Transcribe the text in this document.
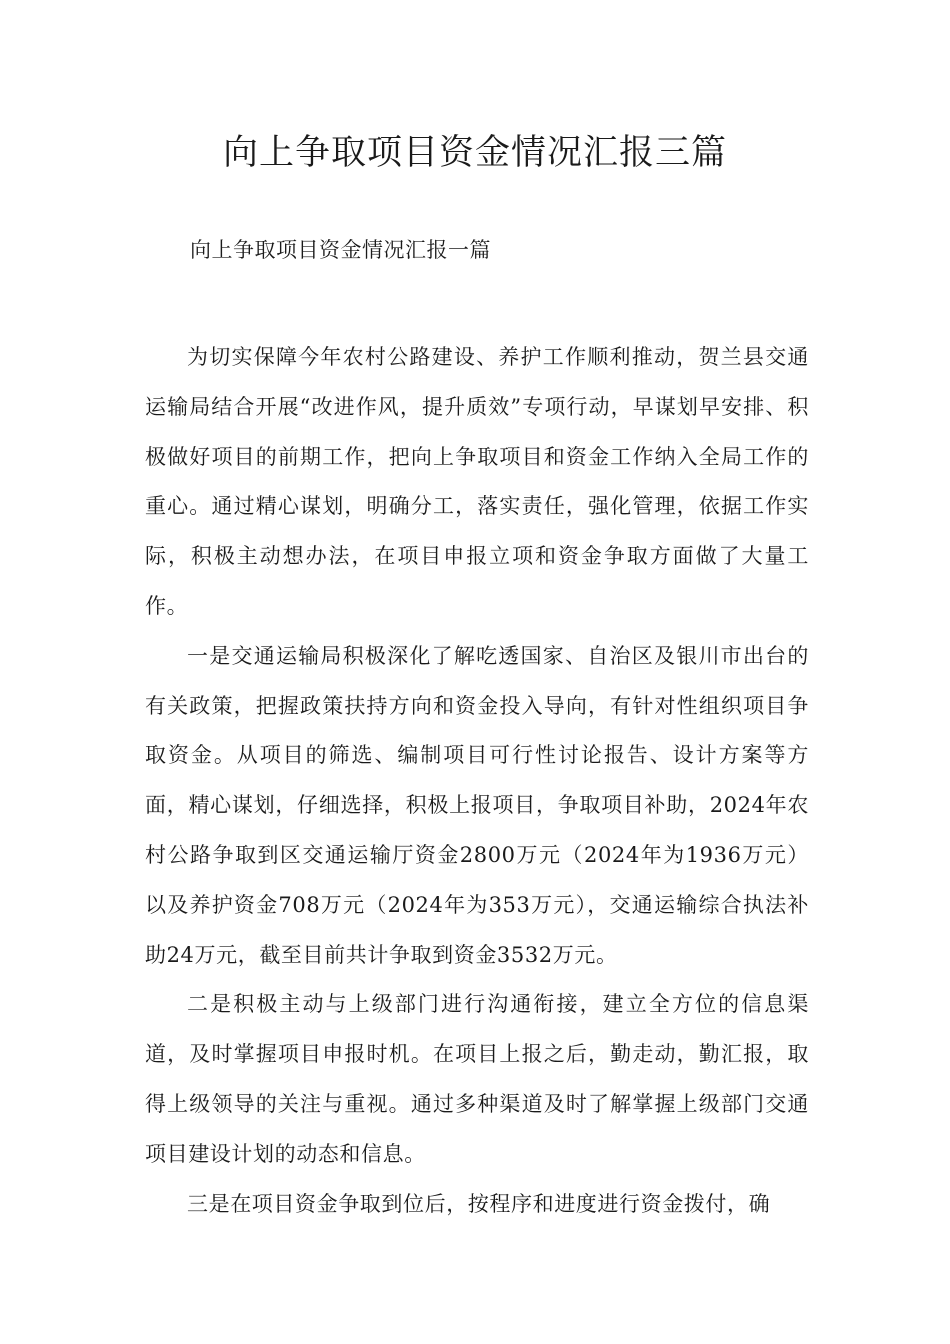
向上争取项目资金情况汇报三篇

向上争取项目资金情况汇报一篇

为切实保障今年农村公路建设、养护工作顺利推动，贺兰县交通运输局结合开展“改进作风，提升质效”专项行动，早谋划早安排、积极做好项目的前期工作，把向上争取项目和资金工作纳入全局工作的重心。通过精心谋划，明确分工，落实责任，强化管理，依据工作实际，积极主动想办法，在项目申报立项和资金争取方面做了大量工作。

一是交通运输局积极深化了解吃透国家、自治区及银川市出台的有关政策，把握政策扶持方向和资金投入导向，有针对性组织项目争取资金。从项目的筛选、编制项目可行性讨论报告、设计方案等方面，精心谋划，仔细选择，积极上报项目，争取项目补助，2024年农村公路争取到区交通运输厅资金2800万元（2024年为1936万元）以及养护资金708万元（2024年为353万元），交通运输综合执法补助24万元，截至目前共计争取到资金3532万元。

二是积极主动与上级部门进行沟通衔接，建立全方位的信息渠道，及时掌握项目申报时机。在项目上报之后，勤走动，勤汇报，取得上级领导的关注与重视。通过多种渠道及时了解掌握上级部门交通项目建设计划的动态和信息。

三是在项目资金争取到位后，按程序和进度进行资金拨付，确
